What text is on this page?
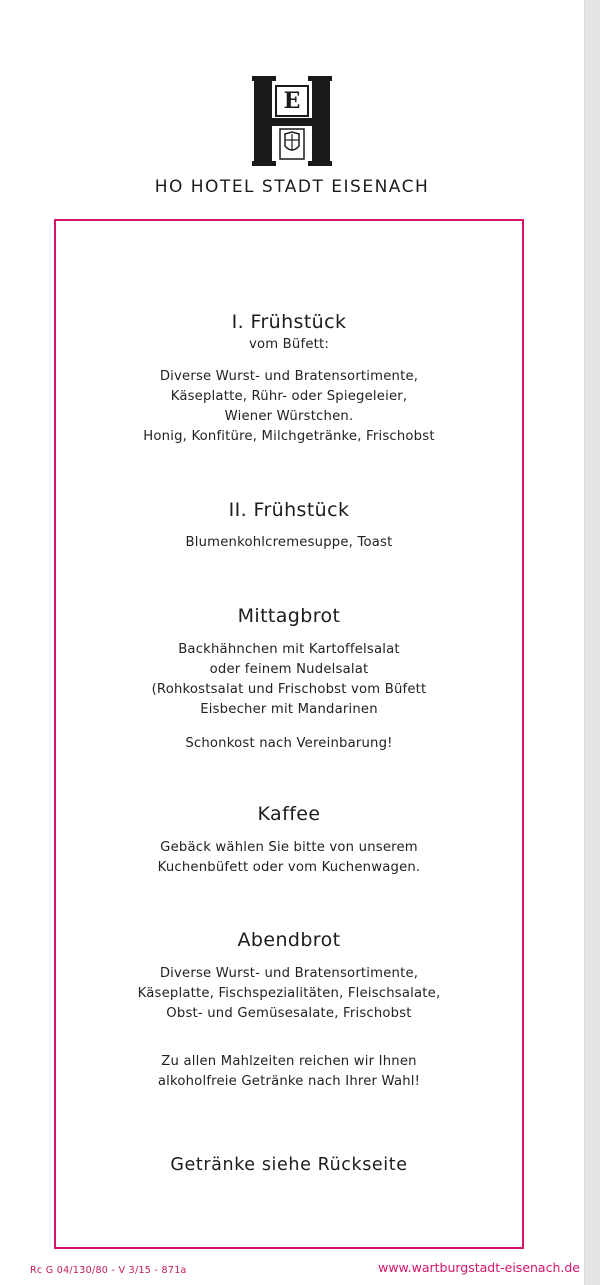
E
HO HOTEL STADT EISENACH

I. Frühstück

vom Büfett:

Diverse Wurst- und Bratensortimente,

Käseplatte, Rühr- oder Spiegeleier,

Wiener Würstchen.

Honig, Konfitüre, Milchgetränke, Frischobst

II. Frühstück

Blumenkohlcremesuppe, Toast

Mittagbrot

Backhähnchen mit Kartoffelsalat

oder feinem Nudelsalat

(Rohkostsalat und Frischobst vom Büfett

Eisbecher mit Mandarinen

Schonkost nach Vereinbarung!

Kaffee

Gebäck wählen Sie bitte von unserem

Kuchenbüfett oder vom Kuchenwagen.

Abendbrot

Diverse Wurst- und Bratensortimente,

Käseplatte, Fischspezialitäten, Fleischsalate,

Obst- und Gemüsesalate, Frischobst

Zu allen Mahlzeiten reichen wir Ihnen

alkoholfreie Getränke nach Ihrer Wahl!

Getränke siehe Rückseite

Rc G 04/130/80 - V 3/15 - 871a	www.wartburgstadt-eisenach.de
